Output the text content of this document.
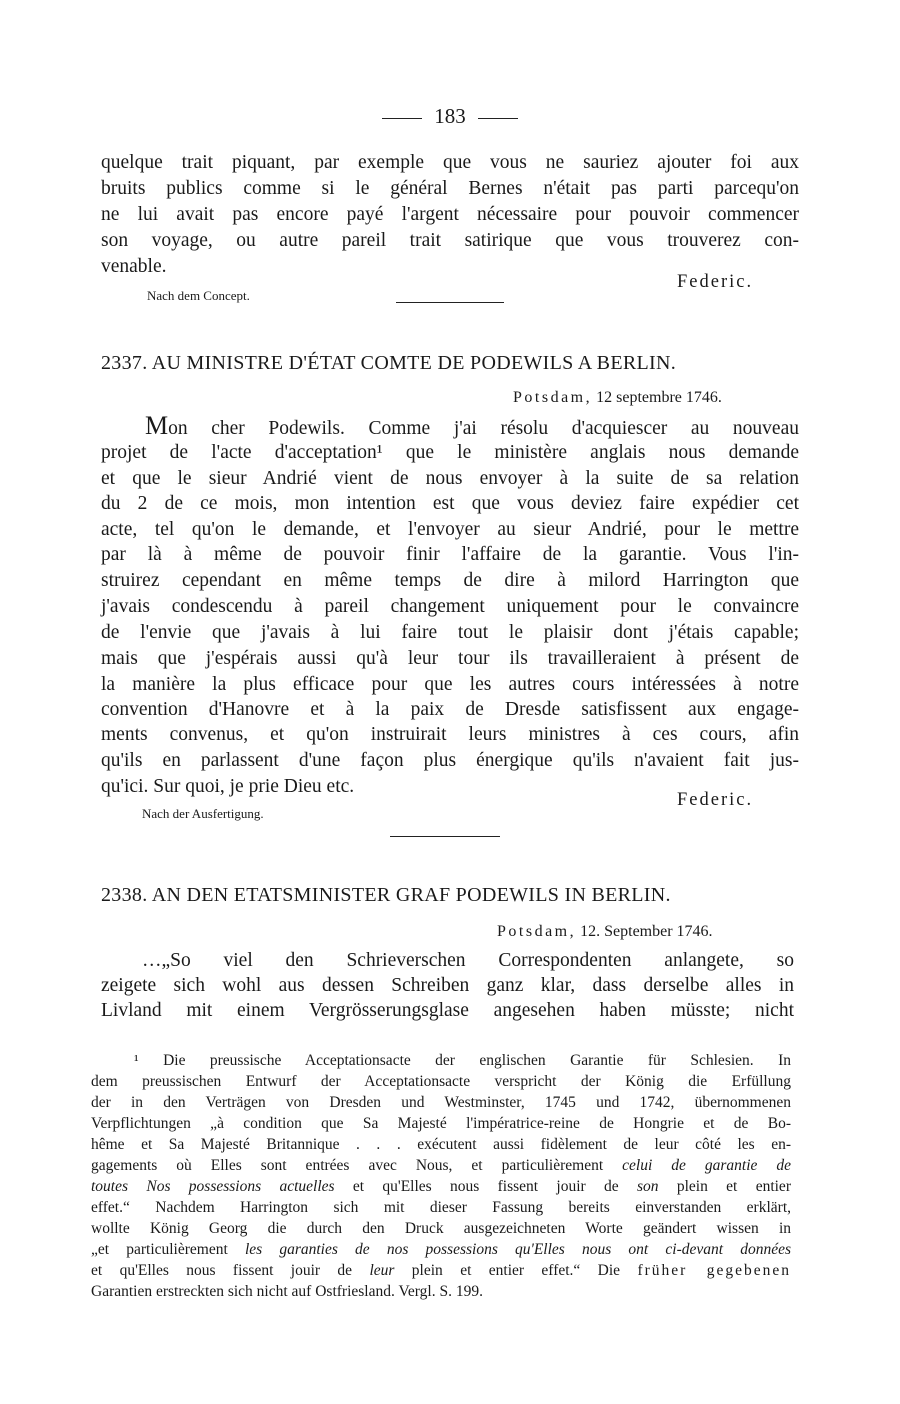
183
quelque trait piquant, par exemple que vous ne sauriez ajouter foi aux
bruits publics comme si le général Bernes n'était pas parti parcequ'on
ne lui avait pas encore payé l'argent nécessaire pour pouvoir commencer
son voyage, ou autre pareil trait satirique que vous trouverez con-
venable.
Federic.
Nach dem Concept.
2337. AU MINISTRE D'ÉTAT COMTE DE PODEWILS A BERLIN.
Potsdam, 12 septembre 1746.
Mon cher Podewils. Comme j'ai résolu d'acquiescer au nouveau
projet de l'acte d'acceptation¹ que le ministère anglais nous demande
et que le sieur Andrié vient de nous envoyer à la suite de sa relation
du 2 de ce mois, mon intention est que vous deviez faire expédier cet
acte, tel qu'on le demande, et l'envoyer au sieur Andrié, pour le mettre
par là à même de pouvoir finir l'affaire de la garantie. Vous l'in-
struirez cependant en même temps de dire à milord Harrington que
j'avais condescendu à pareil changement uniquement pour le convaincre
de l'envie que j'avais à lui faire tout le plaisir dont j'étais capable;
mais que j'espérais aussi qu'à leur tour ils travailleraient à présent de
la manière la plus efficace pour que les autres cours intéressées à notre
convention d'Hanovre et à la paix de Dresde satisfissent aux engage-
ments convenus, et qu'on instruirait leurs ministres à ces cours, afin
qu'ils en parlassent d'une façon plus énergique qu'ils n'avaient fait jus-
qu'ici. Sur quoi, je prie Dieu etc.
Federic.
Nach der Ausfertigung.
2338. AN DEN ETATSMINISTER GRAF PODEWILS IN BERLIN.
Potsdam, 12. September 1746.
…„So viel den Schrieverschen Correspondenten anlangete, so
zeigete sich wohl aus dessen Schreiben ganz klar, dass derselbe alles in
Livland mit einem Vergrösserungsglase angesehen haben müsste; nicht
¹ Die preussische Acceptationsacte der englischen Garantie für Schlesien. In
dem preussischen Entwurf der Acceptationsacte verspricht der König die Erfüllung
der in den Verträgen von Dresden und Westminster, 1745 und 1742, übernommenen
Verpflichtungen „à condition que Sa Majesté l'impératrice-reine de Hongrie et de Bo-
hême et Sa Majesté Britannique . . . exécutent aussi fidèlement de leur côté les en-
gagements où Elles sont entrées avec Nous, et particulièrement celui de garantie de
toutes Nos possessions actuelles et qu'Elles nous fissent jouir de son plein et entier
effet.“ Nachdem Harrington sich mit dieser Fassung bereits einverstanden erklärt,
wollte König Georg die durch den Druck ausgezeichneten Worte geändert wissen in
„et particulièrement les garanties de nos possessions qu'Elles nous ont ci-devant données
et qu'Elles nous fissent jouir de leur plein et entier effet.“ Die früher gegebenen
Garantien erstreckten sich nicht auf Ostfriesland. Vergl. S. 199.
